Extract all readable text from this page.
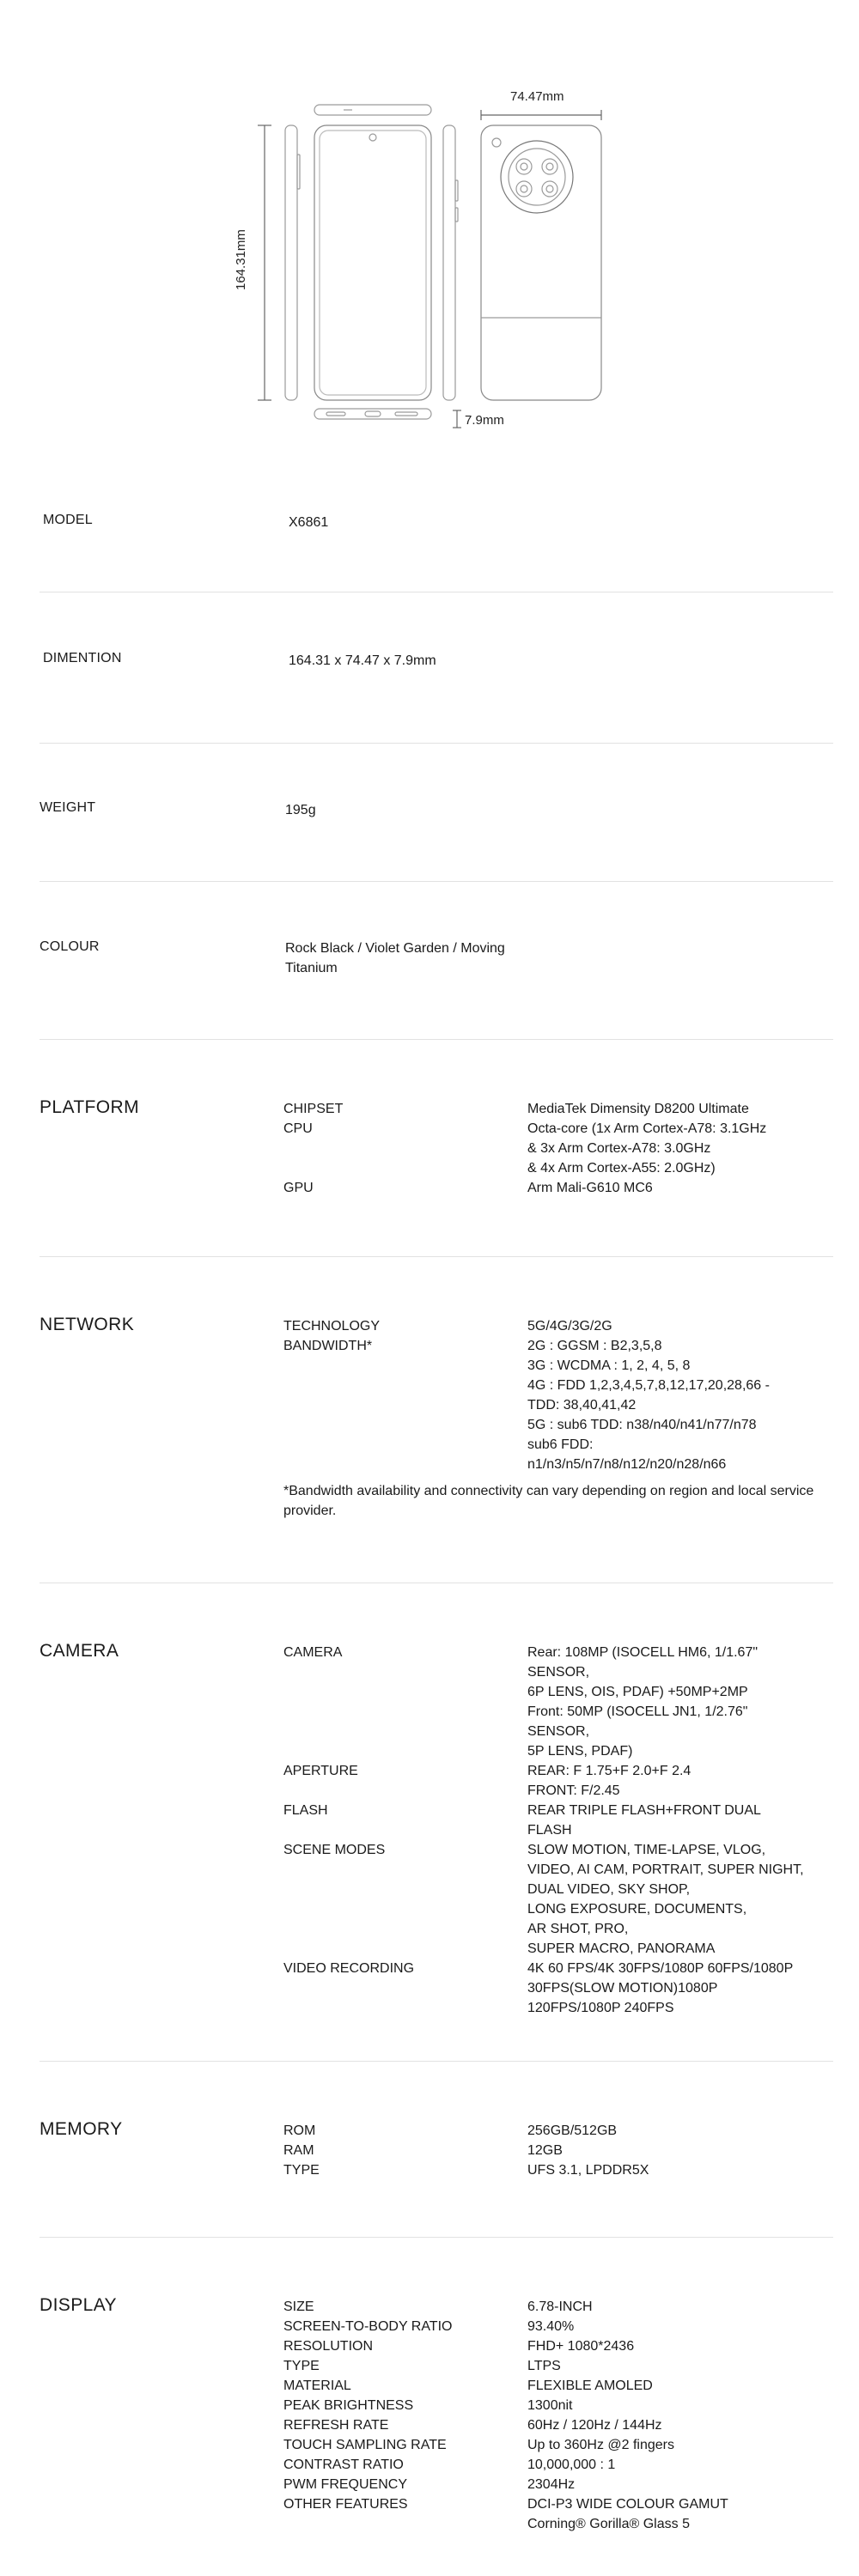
164.31mm
74.47mm
7.9mm
MODEL	X6861
DIMENTION	164.31 x 74.47 x 7.9mm
WEIGHT	195g
COLOUR	Rock Black / Violet Garden / Moving
Titanium
PLATFORM	CHIPSET	MediaTek Dimensity D8200 Ultimate
CPU	Octa-core (1x Arm Cortex-A78: 3.1GHz
& 3x Arm Cortex-A78: 3.0GHz
& 4x Arm Cortex-A55: 2.0GHz)
GPU	Arm Mali-G610 MC6
NETWORK	TECHNOLOGY	5G/4G/3G/2G
BANDWIDTH*	2G : GGSM : B2,3,5,8
3G : WCDMA : 1, 2, 4, 5, 8
4G : FDD 1,2,3,4,5,7,8,12,17,20,28,66 -
TDD: 38,40,41,42
5G : sub6 TDD: n38/n40/n41/n77/n78
sub6 FDD:
n1/n3/n5/n7/n8/n12/n20/n28/n66
*Bandwidth availability and connectivity can vary depending on region and local service provider.
CAMERA	CAMERA	Rear: 108MP (ISOCELL HM6, 1/1.67"
SENSOR,
6P LENS, OIS, PDAF) +50MP+2MP
Front: 50MP (ISOCELL JN1, 1/2.76"
SENSOR,
5P LENS, PDAF)
APERTURE	REAR: F 1.75+F 2.0+F 2.4
FRONT: F/2.45
FLASH	REAR TRIPLE FLASH+FRONT DUAL
FLASH
SCENE MODES	SLOW MOTION, TIME-LAPSE, VLOG,
VIDEO, AI CAM, PORTRAIT, SUPER NIGHT,
DUAL VIDEO, SKY SHOP,
LONG EXPOSURE, DOCUMENTS,
AR SHOT, PRO,
SUPER MACRO, PANORAMA
VIDEO RECORDING	4K 60 FPS/4K 30FPS/1080P 60FPS/1080P
30FPS(SLOW MOTION)1080P
120FPS/1080P 240FPS
MEMORY	ROM	256GB/512GB
RAM	12GB
TYPE	UFS 3.1, LPDDR5X
DISPLAY	SIZE	6.78-INCH
SCREEN-TO-BODY RATIO	93.40%
RESOLUTION	FHD+ 1080*2436
TYPE	LTPS
MATERIAL	FLEXIBLE AMOLED
PEAK BRIGHTNESS	1300nit
REFRESH RATE	60Hz / 120Hz / 144Hz
TOUCH SAMPLING RATE	Up to 360Hz @2 fingers
CONTRAST RATIO	10,000,000 : 1
PWM FREQUENCY	2304Hz
OTHER FEATURES	DCI-P3 WIDE COLOUR GAMUT
Corning® Gorilla® Glass 5
